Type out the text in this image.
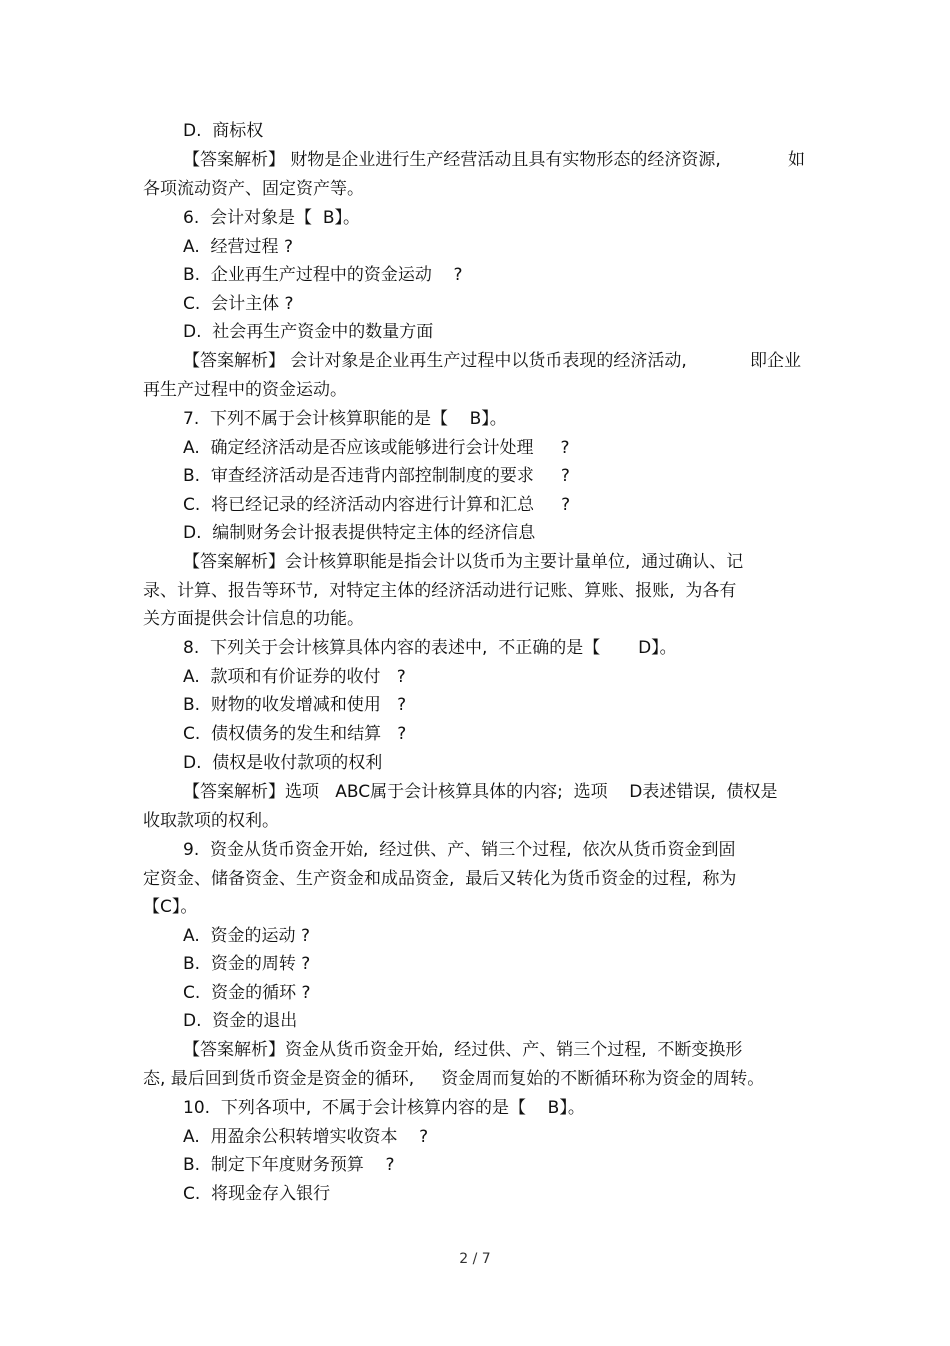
D.  商标权
【答案解析】 财物是企业进行生产经营活动且具有实物形态的经济资源,	如
各项流动资产、固定资产等。
6.  会计对象是【  B】。
A.  经营过程 ?
B.  企业再生产过程中的资金运动    ?
C.  会计主体 ?
D.  社会再生产资金中的数量方面
【答案解析】 会计对象是企业再生产过程中以货币表现的经济活动,	即企业
再生产过程中的资金运动。
7.  下列不属于会计核算职能的是【    B】。
A.  确定经济活动是否应该或能够进行会计处理     ?
B.  审查经济活动是否违背内部控制制度的要求     ?
C.  将已经记录的经济活动内容进行计算和汇总     ?
D.  编制财务会计报表提供特定主体的经济信息
【答案解析】会计核算职能是指会计以货币为主要计量单位,  通过确认、记
录、计算、报告等环节,  对特定主体的经济活动进行记账、算账、报账,  为各有
关方面提供会计信息的功能。
8.  下列关于会计核算具体内容的表述中,  不正确的是【       D】。
A.  款项和有价证券的收付   ?
B.  财物的收发增减和使用   ?
C.  债权债务的发生和结算   ?
D.  债权是收付款项的权利
【答案解析】选项   ABC属于会计核算具体的内容;  选项    D表述错误,  债权是
收取款项的权利。
9.  资金从货币资金开始,  经过供、产、销三个过程,  依次从货币资金到固
定资金、储备资金、生产资金和成品资金,  最后又转化为货币资金的过程,  称为
【C】。
A.  资金的运动 ?
B.  资金的周转 ?
C.  资金的循环 ?
D.  资金的退出
【答案解析】资金从货币资金开始,  经过供、产、销三个过程,  不断变换形
态, 最后回到货币资金是资金的循环,     资金周而复始的不断循环称为资金的周转。
10.  下列各项中,  不属于会计核算内容的是【    B】。
A.  用盈余公积转增实收资本    ?
B.  制定下年度财务预算    ?
C.  将现金存入银行
2 / 7
